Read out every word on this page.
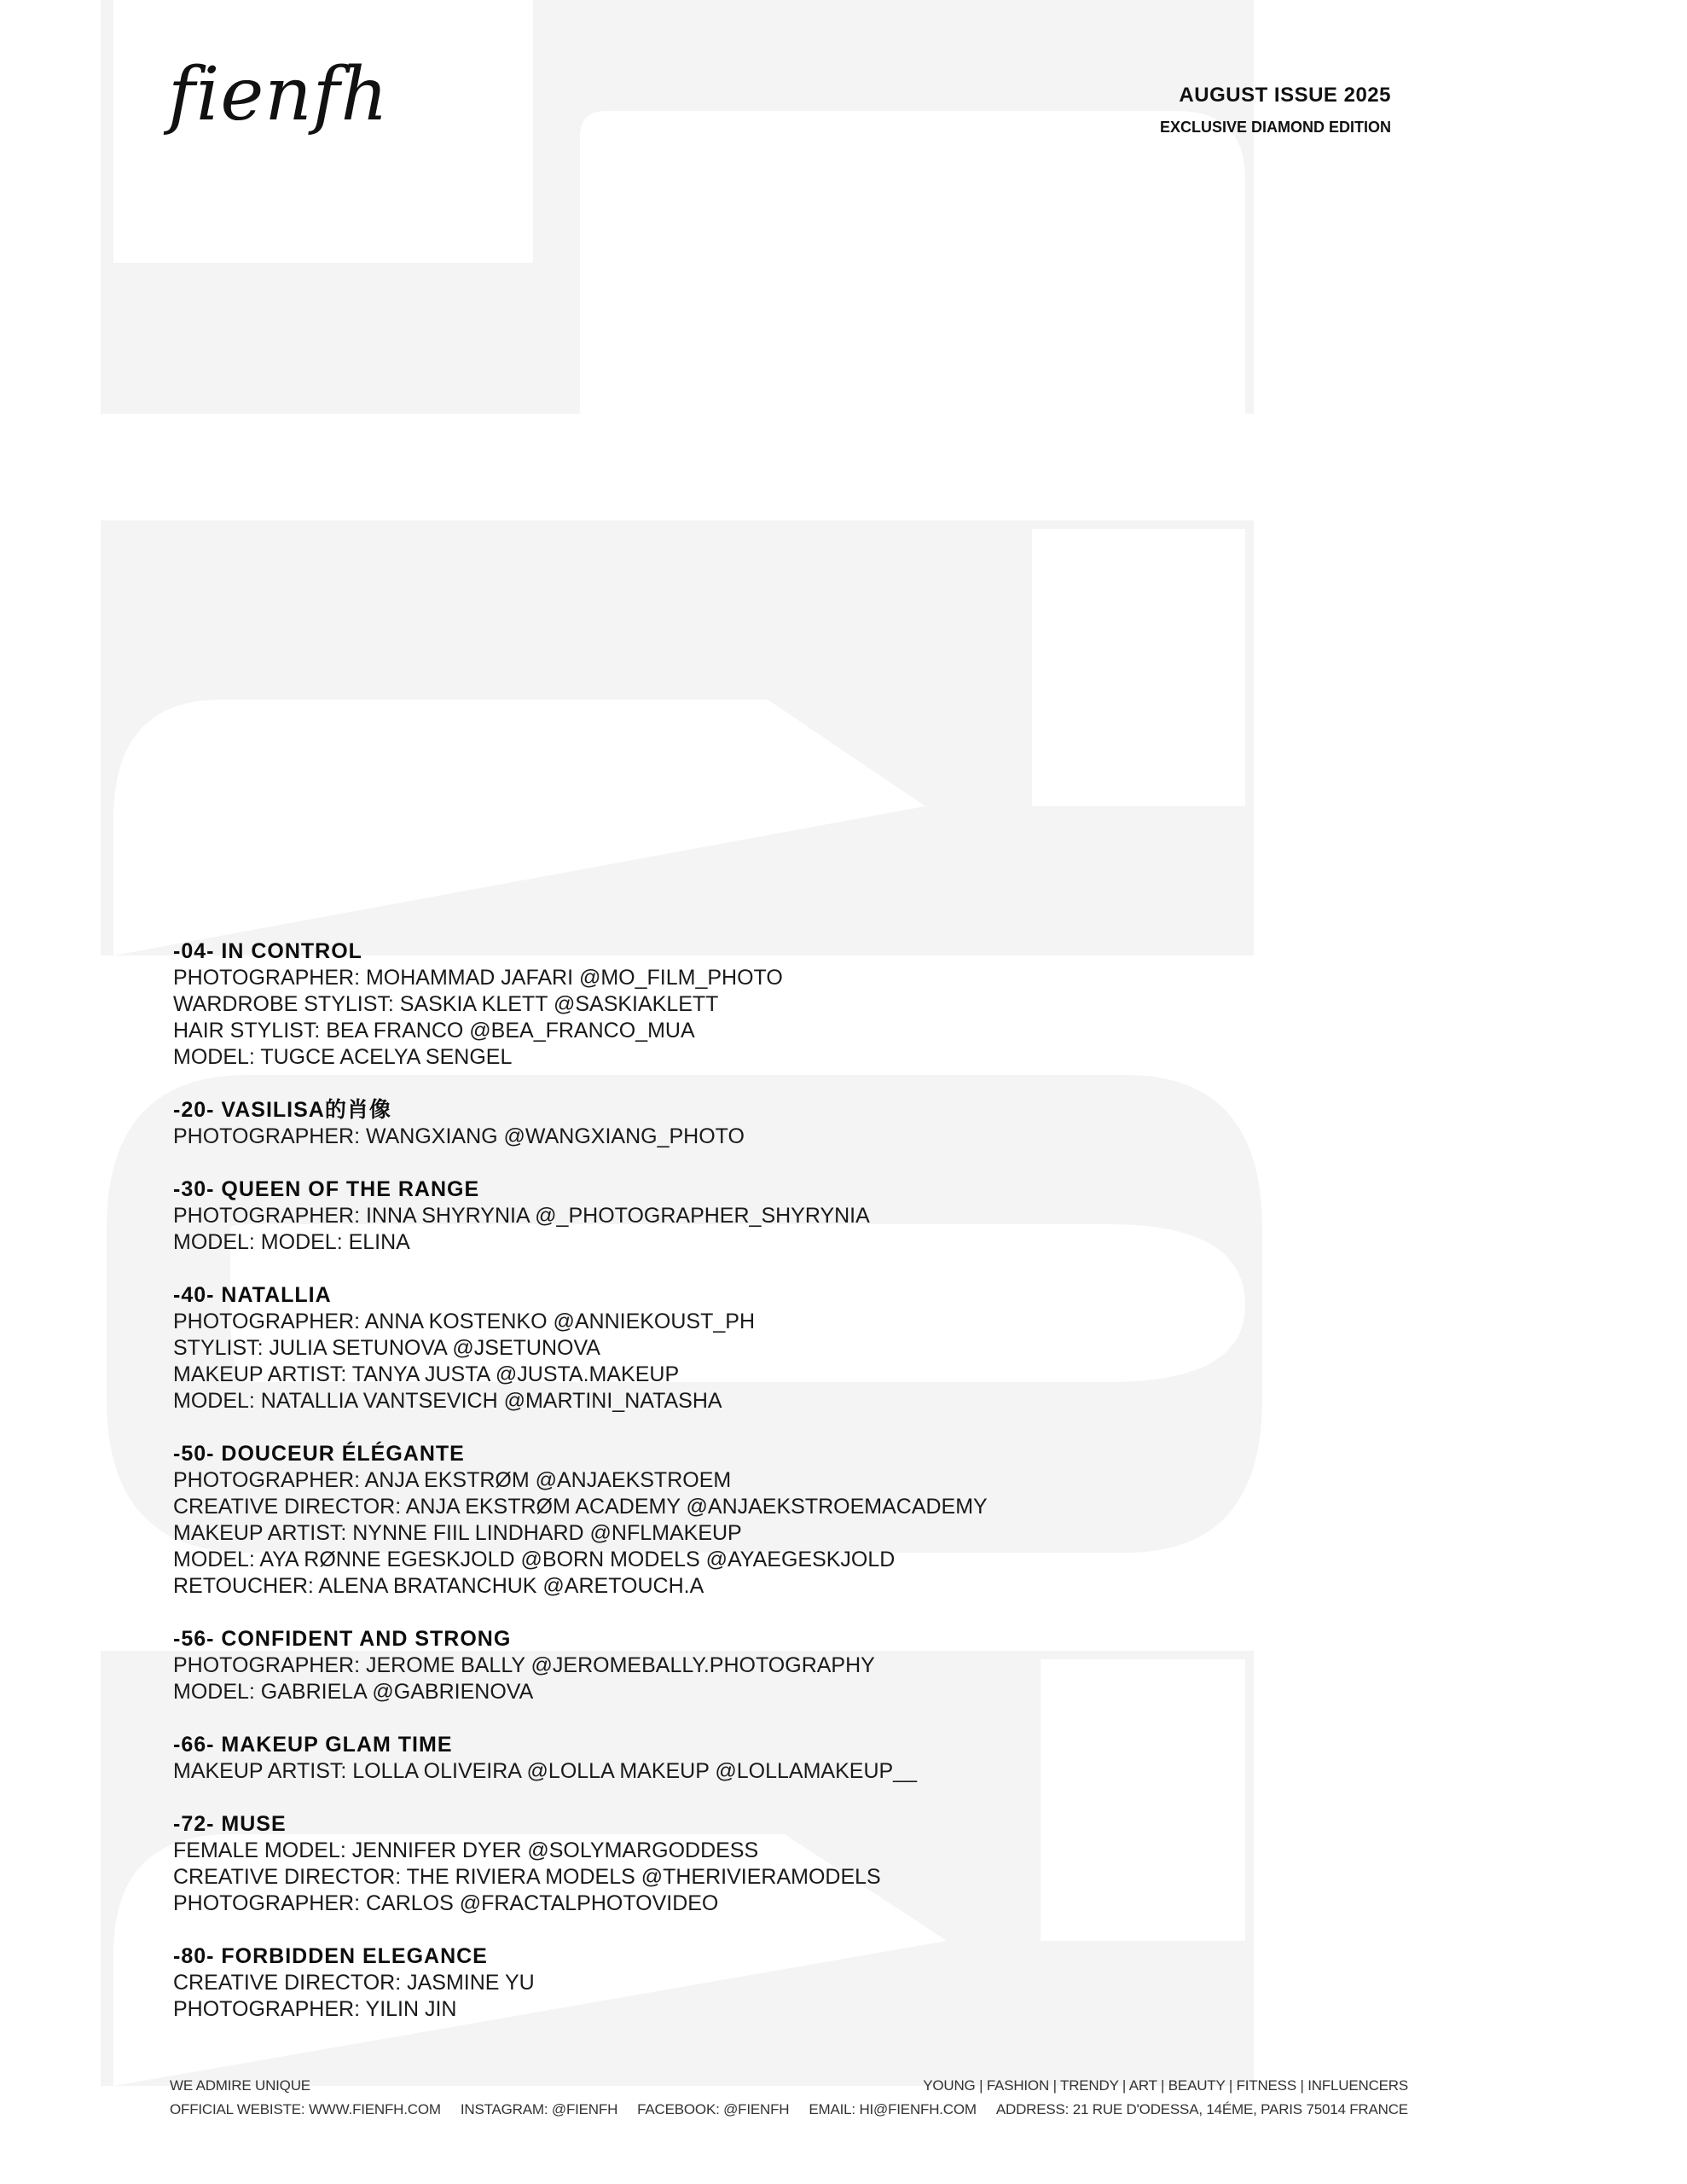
fienfh	AUGUST ISSUE 2025
EXCLUSIVE DIAMOND EDITION
-04- IN CONTROL
PHOTOGRAPHER: MOHAMMAD JAFARI @MO_FILM_PHOTO
WARDROBE STYLIST: SASKIA KLETT @SASKIAKLETT
HAIR STYLIST: BEA FRANCO @BEA_FRANCO_MUA
MODEL: TUGCE ACELYA SENGEL
-20- VASILISA的肖像
PHOTOGRAPHER: WANGXIANG @WANGXIANG_PHOTO
-30- QUEEN OF THE RANGE
PHOTOGRAPHER: INNA SHYRYNIA @_PHOTOGRAPHER_SHYRYNIA
MODEL: MODEL: ELINA
-40- NATALLIA
PHOTOGRAPHER: ANNA KOSTENKO @ANNIEKOUST_PH
STYLIST: JULIA SETUNOVA @JSETUNOVA
MAKEUP ARTIST: TANYA JUSTA @JUSTA.MAKEUP
MODEL: NATALLIA VANTSEVICH @MARTINI_NATASHA
-50- DOUCEUR ÉLÉGANTE
PHOTOGRAPHER: ANJA EKSTRØM @ANJAEKSTROEM
CREATIVE DIRECTOR: ANJA EKSTRØM ACADEMY @ANJAEKSTROEMACADEMY
MAKEUP ARTIST: NYNNE FIIL LINDHARD @NFLMAKEUP
MODEL: AYA RØNNE EGESKJOLD @BORN MODELS @AYAEGESKJOLD
RETOUCHER: ALENA BRATANCHUK @ARETOUCH.A
-56- CONFIDENT AND STRONG
PHOTOGRAPHER: JEROME BALLY @JEROMEBALLY.PHOTOGRAPHY
MODEL: GABRIELA @GABRIENOVA
-66- MAKEUP GLAM TIME
MAKEUP ARTIST: LOLLA OLIVEIRA @LOLLA MAKEUP @LOLLAMAKEUP__
-72- MUSE
FEMALE MODEL: JENNIFER DYER @SOLYMARGODDESS
CREATIVE DIRECTOR: THE RIVIERA MODELS @THERIVIERAMODELS
PHOTOGRAPHER: CARLOS @FRACTALPHOTOVIDEO
-80- FORBIDDEN ELEGANCE
CREATIVE DIRECTOR: JASMINE YU
PHOTOGRAPHER: YILIN JIN
WE ADMIRE UNIQUE	YOUNG | FASHION | TRENDY | ART | BEAUTY | FITNESS | INFLUENCERS
OFFICIAL WEBISTE: WWW.FIENFH.COM INSTAGRAM: @FIENFH FACEBOOK: @FIENFH EMAIL: HI@FIENFH.COM ADDRESS: 21 RUE D'ODESSA, 14ÉME, PARIS 75014 FRANCE
